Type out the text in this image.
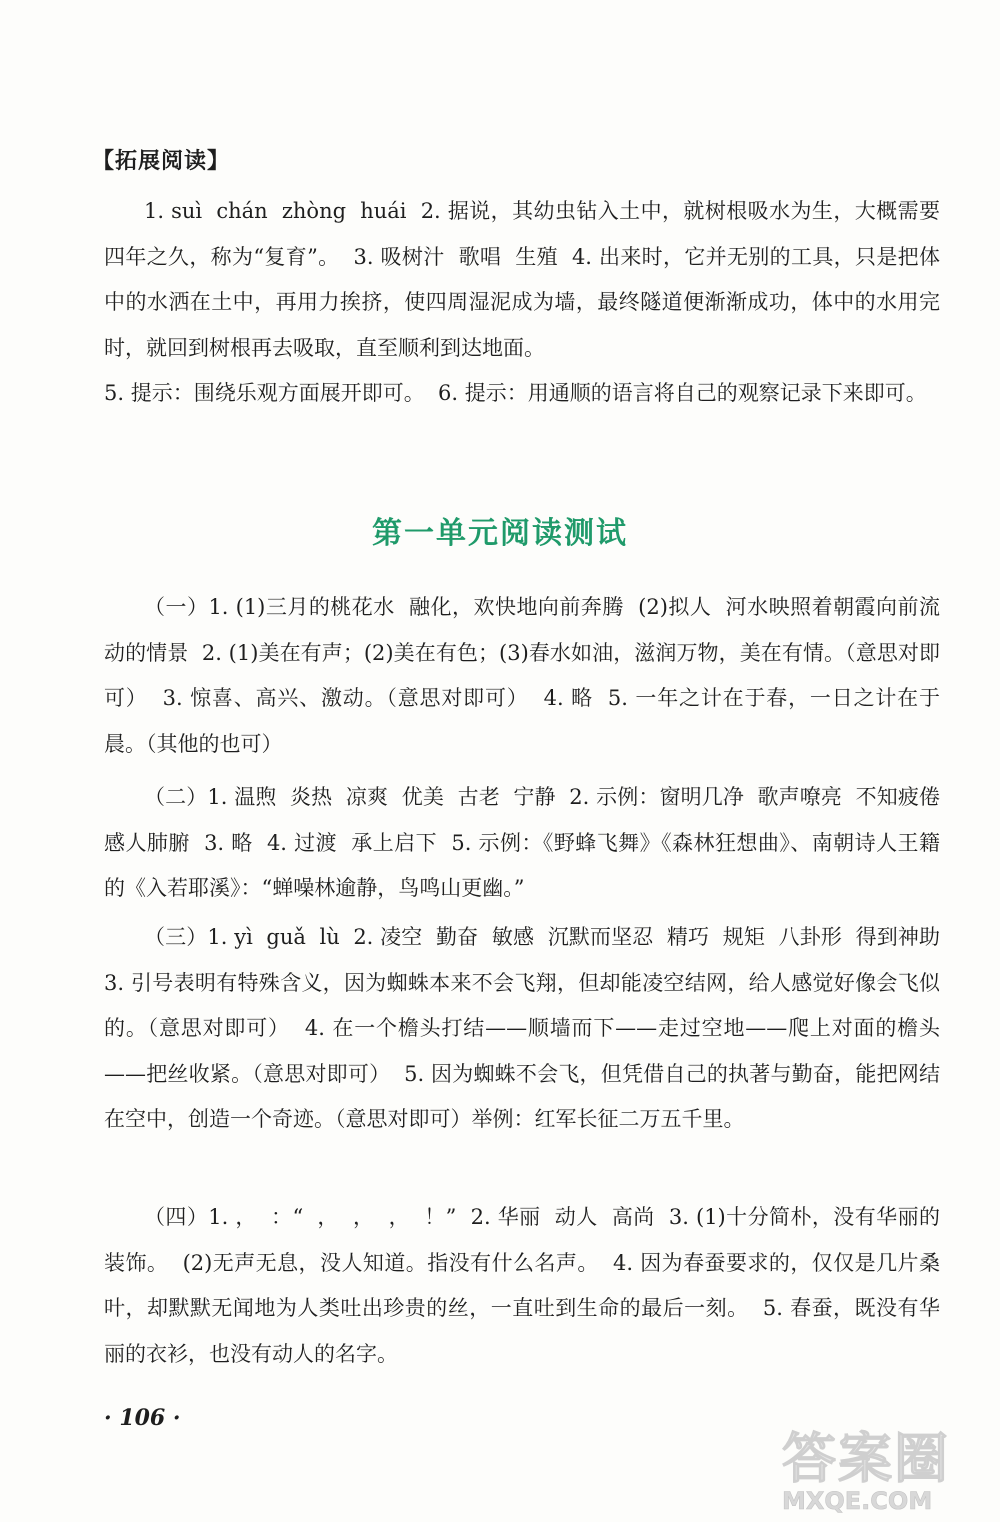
【拓展阅读】

1. suì  chán  zhòng  huái  2. 据说，其幼虫钻入土中，就树根吸水为生，大概需要四年之久，称为“复育”。  3. 吸树汁  歌唱  生殖  4. 出来时，它并无别的工具，只是把体中的水洒在土中，再用力挨挤，使四周湿泥成为墙，最终隧道便渐渐成功，体中的水用完时，就回到树根再去吸取，直至顺利到达地面。
5. 提示：围绕乐观方面展开即可。  6. 提示：用通顺的语言将自己的观察记录下来即可。

第一单元阅读测试

（一）1. (1)三月的桃花水  融化，欢快地向前奔腾  (2)拟人  河水映照着朝霞向前流动的情景  2. (1)美在有声；(2)美在有色；(3)春水如油，滋润万物，美在有情。（意思对即可）  3. 惊喜、高兴、激动。（意思对即可）  4. 略  5. 一年之计在于春，一日之计在于晨。（其他的也可）

（二）1. 温煦  炎热  凉爽  优美  古老  宁静  2. 示例：窗明几净  歌声嘹亮  不知疲倦  感人肺腑  3. 略  4. 过渡  承上启下  5. 示例：《野蜂飞舞》《森林狂想曲》、南朝诗人王籍的《入若耶溪》：“蝉噪林逾静，鸟鸣山更幽。”

（三）1. yì  guǎ  lù  2. 凌空  勤奋  敏感  沉默而坚忍  精巧  规矩  八卦形  得到神助  3. 引号表明有特殊含义，因为蜘蛛本来不会飞翔，但却能凌空结网，给人感觉好像会飞似的。（意思对即可）  4. 在一个檐头打结——顺墙而下——走过空地——爬上对面的檐头——把丝收紧。（意思对即可）  5. 因为蜘蛛不会飞，但凭借自己的执著与勤奋，能把网结在空中，创造一个奇迹。（意思对即可）举例：红军长征二万五千里。

（四）1. ，  ：“  ，  ，  ，  ！”  2. 华丽  动人  高尚  3. (1)十分简朴，没有华丽的装饰。  (2)无声无息，没人知道。指没有什么名声。  4. 因为春蚕要求的，仅仅是几片桑叶，却默默无闻地为人类吐出珍贵的丝，一直吐到生命的最后一刻。  5. 春蚕，既没有华丽的衣衫，也没有动人的名字。

· 106 ·
答案圈
MXQE.COM
